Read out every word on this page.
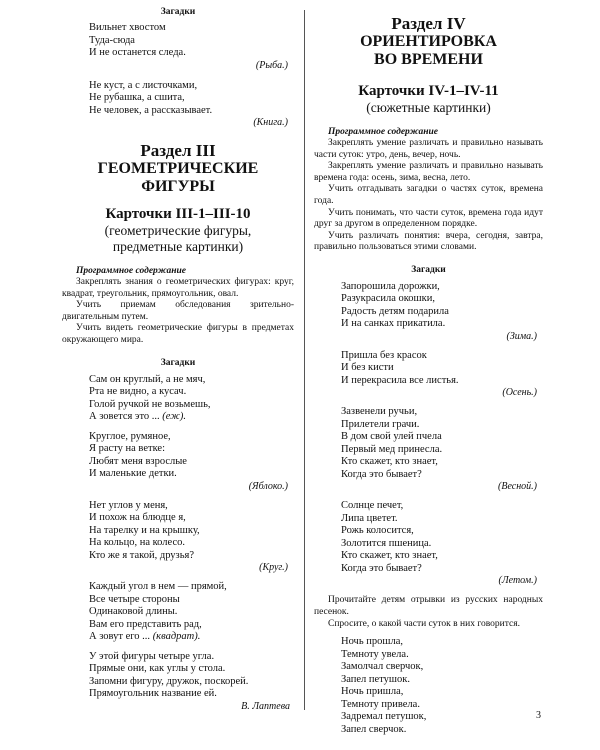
Загадки

Вильнет хвостом
Туда-сюда
И не останется следа.
(Рыба.)
Не куст, а с листочками,
Не рубашка, а сшита,
Не человек, а рассказывает.
(Книга.)

Раздел III

ГЕОМЕТРИЧЕСКИЕ

ФИГУРЫ

Карточки III-1–III-10

(геометрические фигуры,

предметные картинки)

Программное содержание

Закреплять знания о геометрических фигурах: круг, квадрат, треугольник, прямоугольник, овал.

Учить приемам обследования зрительно-двигательным путем.

Учить видеть геометрические фигуры в предметах окружающего мира.

Загадки

Сам он круглый, а не мяч,
Рта не видно, а кусач.
Голой ручкой не возьмешь,
А зовется это ... (еж).
Круглое, румяное,
Я расту на ветке:
Любят меня взрослые
И маленькие детки.
(Яблоко.)
Нет углов у меня,
И похож на блюдце я,
На тарелку и на крышку,
На кольцо, на колесо.
Кто же я такой, друзья?
(Круг.)
Каждый угол в нем — прямой,
Все четыре стороны
Одинаковой длины.
Вам его представить рад,
А зовут его ... (квадрат).
У этой фигуры четыре угла.
Прямые они, как углы у стола.
Запомни фигуру, дружок, поскорей.
Прямоугольник название ей.
В. Лаптева

Раздел IV

ОРИЕНТИРОВКА

ВО ВРЕМЕНИ

Карточки IV-1–IV-11

(сюжетные картинки)

Программное содержание

Закреплять умение различать и правильно называть части суток: утро, день, вечер, ночь.

Закреплять умение различать и правильно называть времена года: осень, зима, весна, лето.

Учить отгадывать загадки о частях суток, времена года.

Учить понимать, что части суток, времена года идут друг за другом в определенном порядке.

Учить различать понятия: вчера, сегодня, завтра, правильно пользоваться этими словами.

Загадки

Запорошила дорожки,
Разукрасила окошки,
Радость детям подарила
И на санках прикатила.
(Зима.)
Пришла без красок
И без кисти
И перекрасила все листья.
(Осень.)
Зазвенели ручьи,
Прилетели грачи.
В дом свой улей пчела
Первый мед принесла.
Кто скажет, кто знает,
Когда это бывает?
(Весной.)
Солнце печет,
Липа цветет.
Рожь колосится,
Золотится пшеница.
Кто скажет, кто знает,
Когда это бывает?
(Летом.)

Прочитайте детям отрывки из русских народных песенок.

Спросите, о какой части суток в них говорится.

Ночь прошла,
Темноту увела.
Замолчал сверчок,
Запел петушок.
Ночь пришла,
Темноту привела.
Задремал петушок,
Запел сверчок.
3
